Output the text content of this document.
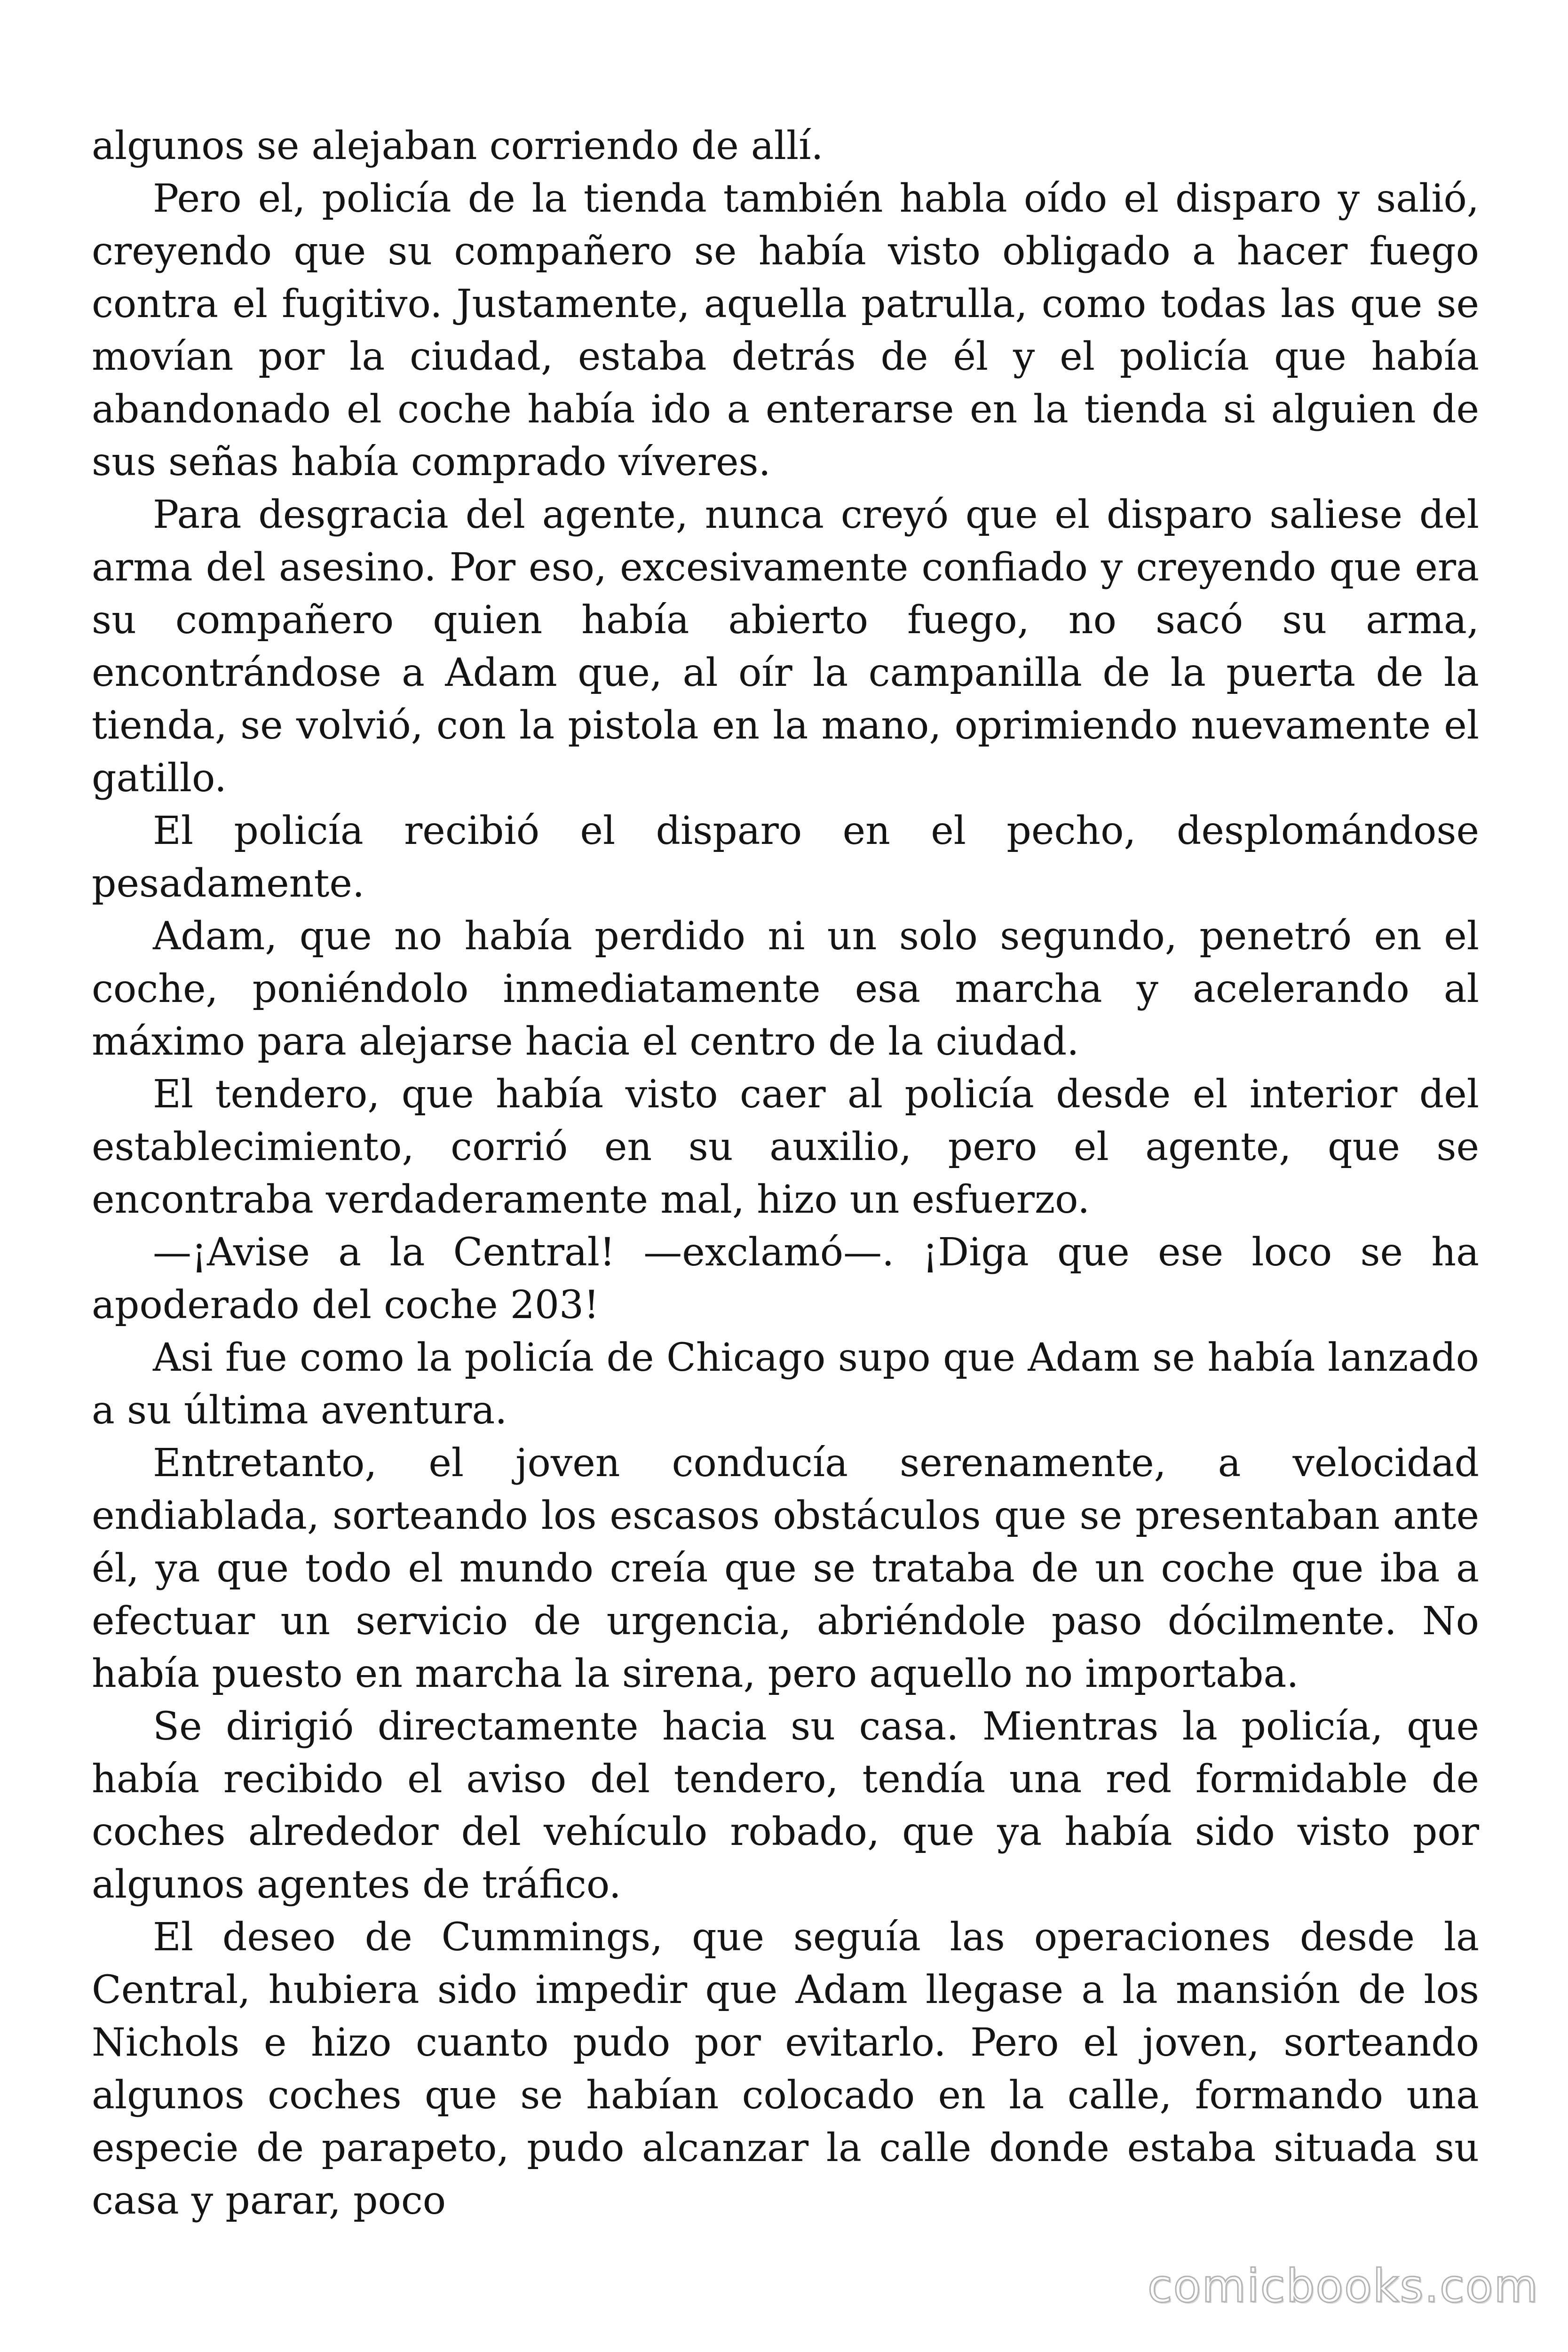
algunos se alejaban corriendo de allí.

Pero el, policía de la tienda también habla oído el disparo y salió, creyendo que su compañero se había visto obligado a hacer fuego contra el fugitivo. Justamente, aquella patrulla, como todas las que se movían por la ciudad, estaba detrás de él y el policía que había abandonado el coche había ido a enterarse en la tienda si alguien de sus señas había comprado víveres.

Para desgracia del agente, nunca creyó que el disparo saliese del arma del asesino. Por eso, excesivamente confiado y creyendo que era su compañero quien había abierto fuego, no sacó su arma, encontrándose a Adam que, al oír la campanilla de la puerta de la tienda, se volvió, con la pistola en la mano, oprimiendo nuevamente el gatillo.

El policía recibió el disparo en el pecho, desplomándose pesadamente.

Adam, que no había perdido ni un solo segundo, penetró en el coche, poniéndolo inmediatamente esa marcha y acelerando al máximo para alejarse hacia el centro de la ciudad.

El tendero, que había visto caer al policía desde el interior del establecimiento, corrió en su auxilio, pero el agente, que se encontraba verdaderamente mal, hizo un esfuerzo.

—¡Avise a la Central! —exclamó—. ¡Diga que ese loco se ha apoderado del coche 203!

Asi fue como la policía de Chicago supo que Adam se había lanzado a su última aventura.

Entretanto, el joven conducía serenamente, a velocidad endiablada, sorteando los escasos obstáculos que se presentaban ante él, ya que todo el mundo creía que se trataba de un coche que iba a efectuar un servicio de urgencia, abriéndole paso dócilmente. No había puesto en marcha la sirena, pero aquello no importaba.

Se dirigió directamente hacia su casa. Mientras la policía, que había recibido el aviso del tendero, tendía una red formidable de coches alrededor del vehículo robado, que ya había sido visto por algunos agentes de tráfico.

El deseo de Cummings, que seguía las operaciones desde la Central, hubiera sido impedir que Adam llegase a la mansión de los Nichols e hizo cuanto pudo por evitarlo. Pero el joven, sorteando algunos coches que se habían colocado en la calle, formando una especie de parapeto, pudo alcanzar la calle donde estaba situada su casa y parar, poco

comicbooks.com
